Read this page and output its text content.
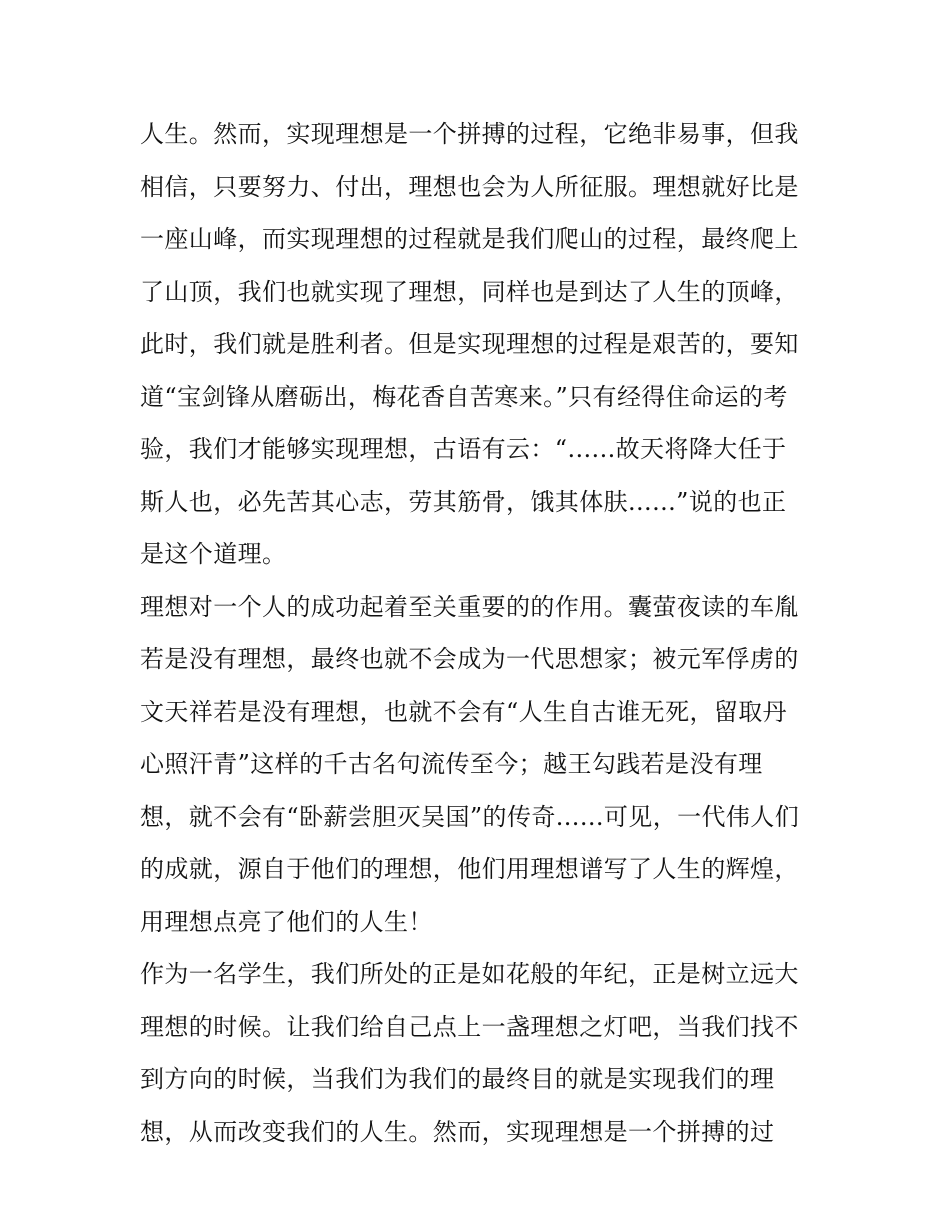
人生。然而，实现理想是一个拼搏的过程，它绝非易事，但我
相信，只要努力、付出，理想也会为人所征服。理想就好比是
一座山峰，而实现理想的过程就是我们爬山的过程，最终爬上
了山顶，我们也就实现了理想，同样也是到达了人生的顶峰，
此时，我们就是胜利者。但是实现理想的过程是艰苦的，要知
道“宝剑锋从磨砺出，梅花香自苦寒来。”只有经得住命运的考
验，我们才能够实现理想，古语有云：“......故天将降大任于
斯人也，必先苦其心志，劳其筋骨，饿其体肤......”说的也正
是这个道理。
理想对一个人的成功起着至关重要的的作用。囊萤夜读的车胤
若是没有理想，最终也就不会成为一代思想家；被元军俘虏的
文天祥若是没有理想，也就不会有“人生自古谁无死，留取丹
心照汗青”这样的千古名句流传至今；越王勾践若是没有理
想，就不会有“卧薪尝胆灭吴国”的传奇......可见，一代伟人们
的成就，源自于他们的理想，他们用理想谱写了人生的辉煌，
用理想点亮了他们的人生！
作为一名学生，我们所处的正是如花般的年纪，正是树立远大
理想的时候。让我们给自己点上一盏理想之灯吧，当我们找不
到方向的时候，当我们为我们的最终目的就是实现我们的理
想，从而改变我们的人生。然而，实现理想是一个拼搏的过
